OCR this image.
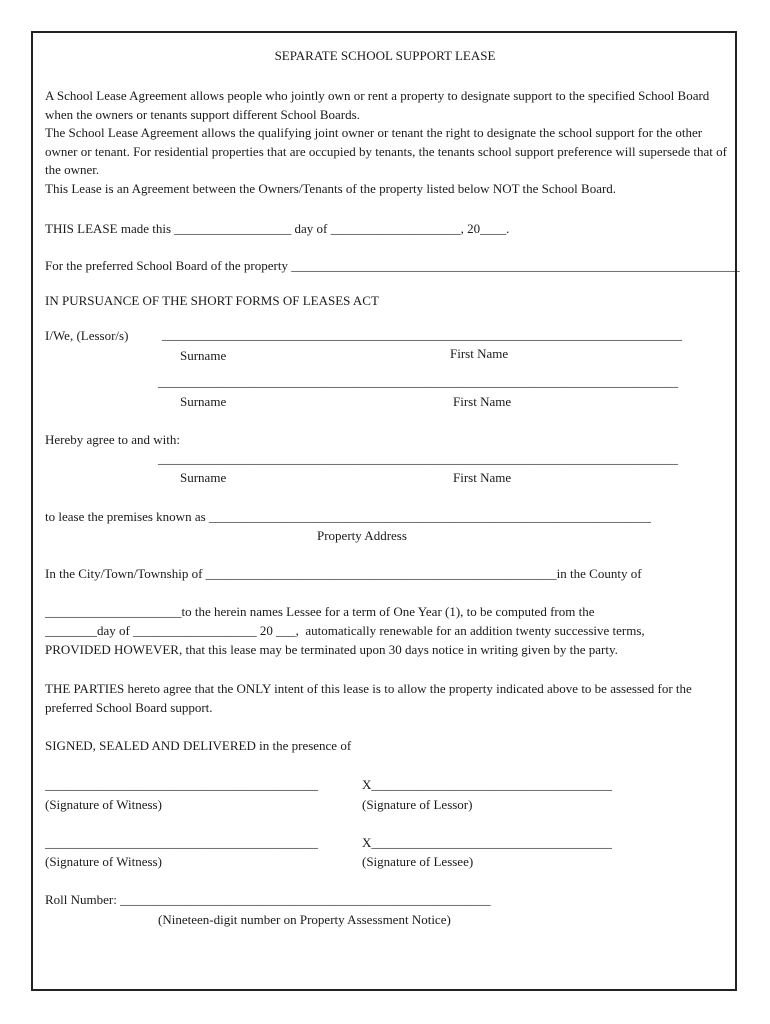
SEPARATE SCHOOL SUPPORT LEASE

A School Lease Agreement allows people who jointly own or rent a property to designate support to the specified School Board when the owners or tenants support different School Boards.

The School Lease Agreement allows the qualifying joint owner or tenant the right to designate the school support for the other owner or tenant. For residential properties that are occupied by tenants, the tenants school support preference will supersede that of the owner.

This Lease is an Agreement between the Owners/Tenants of the property listed below NOT the School Board.

THIS LEASE made this __________________ day of ____________________, 20____.
For the preferred School Board of the property _____________________________________________________________________
IN PURSUANCE OF THE SHORT FORMS OF LEASES ACT
I/We, (Lessor/s)	________________________________________________________________________________
Surname	First Name
________________________________________________________________________________
Surname	First Name
Hereby agree to and with:
________________________________________________________________________________
Surname	First Name
to lease the premises known as ____________________________________________________________________
Property Address
In the City/Town/Township of ______________________________________________________in the County of
_____________________to the herein names Lessee for a term of One Year (1), to be computed from the
________day of ___________________ 20 ___,  automatically renewable for an addition twenty successive terms,
PROVIDED HOWEVER, that this lease may be terminated upon 30 days notice in writing given by the party.

THE PARTIES hereto agree that the ONLY intent of this lease is to allow the property indicated above to be assessed for the preferred School Board support.

SIGNED, SEALED AND DELIVERED in the presence of
__________________________________________	X_____________________________________
(Signature of Witness)	(Signature of Lessor)
__________________________________________	X_____________________________________
(Signature of Witness)	(Signature of Lessee)
Roll Number: _________________________________________________________
(Nineteen-digit number on Property Assessment Notice)
